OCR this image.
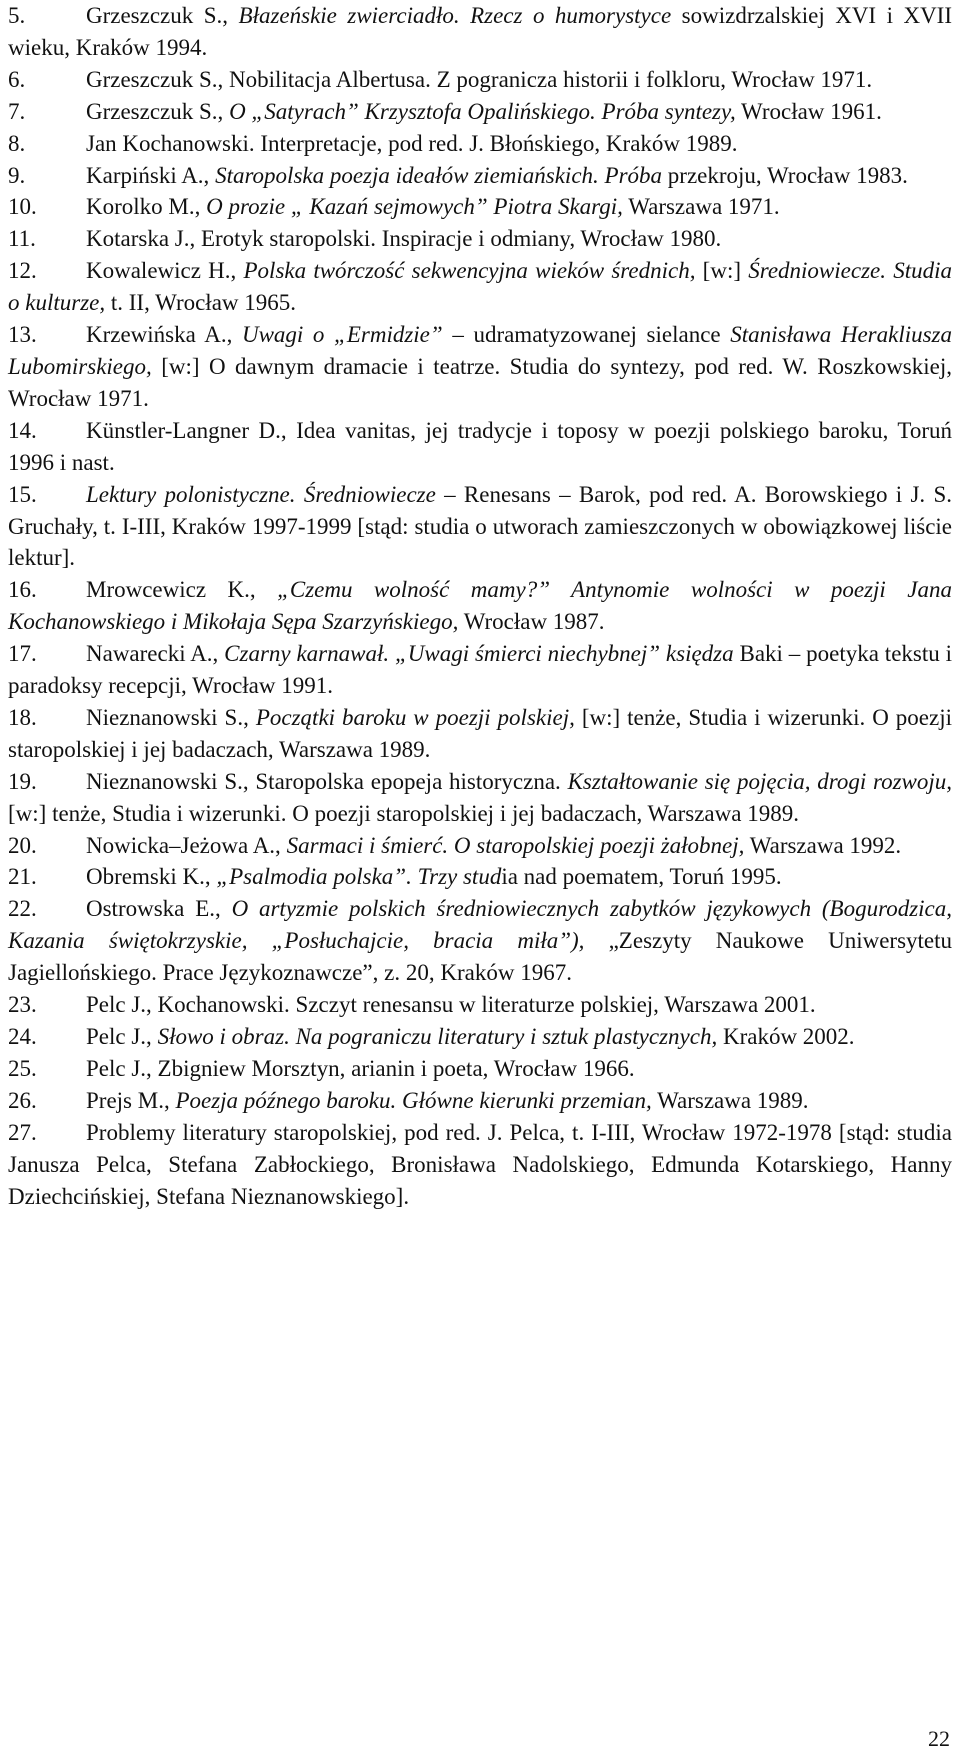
5.	Grzeszczuk S., Błazeńskie zwierciadło. Rzecz o humorystyce sowizdrzalskiej XVI i XVII wieku, Kraków 1994.

6.	Grzeszczuk S., Nobilitacja Albertusa. Z pogranicza historii i folkloru, Wrocław 1971.

7.	Grzeszczuk S., O „Satyrach” Krzysztofa Opalińskiego. Próba syntezy, Wrocław 1961.

8.	Jan Kochanowski. Interpretacje, pod red. J. Błońskiego, Kraków 1989.

9.	Karpiński A., Staropolska poezja ideałów ziemiańskich. Próba przekroju, Wrocław 1983.

10. Korolko M., O prozie „ Kazań sejmowych” Piotra Skargi, Warszawa 1971.

11. Kotarska J., Erotyk staropolski. Inspiracje i odmiany, Wrocław 1980.

12. Kowalewicz H., Polska twórczość sekwencyjna wieków średnich, [w:] Średniowiecze. Studia o kulturze, t. II, Wrocław 1965.

13. Krzewińska A., Uwagi o „Ermidzie” – udramatyzowanej sielance Stanisława Herakliusza Lubomirskiego, [w:] O dawnym dramacie i teatrze. Studia do syntezy, pod red. W. Roszkowskiej, Wrocław 1971.

14. Künstler-Langner D., Idea vanitas, jej tradycje i toposy w poezji polskiego baroku, Toruń 1996 i nast.

15. Lektury polonistyczne. Średniowiecze – Renesans – Barok, pod red. A. Borowskiego i J. S. Gruchały, t. I-III, Kraków 1997-1999 [stąd: studia o utworach zamieszczonych w obowiązkowej liście lektur].

16. Mrowcewicz K., „Czemu wolność mamy?” Antynomie wolności w poezji Jana Kochanowskiego i Mikołaja Sępa Szarzyńskiego, Wrocław 1987.

17. Nawarecki A., Czarny karnawał. „Uwagi śmierci niechybnej” księdza Baki – poetyka tekstu i paradoksy recepcji, Wrocław 1991.

18. Nieznanowski S., Początki baroku w poezji polskiej, [w:] tenże, Studia i wizerunki. O poezji staropolskiej i jej badaczach, Warszawa 1989.

19. Nieznanowski S., Staropolska epopeja historyczna. Kształtowanie się pojęcia, drogi rozwoju, [w:] tenże, Studia i wizerunki. O poezji staropolskiej i jej badaczach, Warszawa 1989.

20. Nowicka–Jeżowa A., Sarmaci i śmierć. O staropolskiej poezji żałobnej, Warszawa 1992.

21. Obremski K., „Psalmodia polska”. Trzy studia nad poematem, Toruń 1995.

22. Ostrowska E., O artyzmie polskich średniowiecznych zabytków językowych (Bogurodzica, Kazania świętokrzyskie, „Posłuchajcie, bracia miła”), „Zeszyty Naukowe Uniwersytetu Jagiellońskiego. Prace Językoznawcze”, z. 20, Kraków 1967.

23. Pelc J., Kochanowski. Szczyt renesansu w literaturze polskiej, Warszawa 2001.

24. Pelc J., Słowo i obraz. Na pograniczu literatury i sztuk plastycznych, Kraków 2002.

25. Pelc J., Zbigniew Morsztyn, arianin i poeta, Wrocław 1966.

26. Prejs M., Poezja późnego baroku. Główne kierunki przemian, Warszawa 1989.

27. Problemy literatury staropolskiej, pod red. J. Pelca, t. I-III, Wrocław 1972-1978 [stąd: studia Janusza Pelca, Stefana Zabłockiego, Bronisława Nadolskiego, Edmunda Kotarskiego, Hanny Dziechcińskiej, Stefana Nieznanowskiego].

22
